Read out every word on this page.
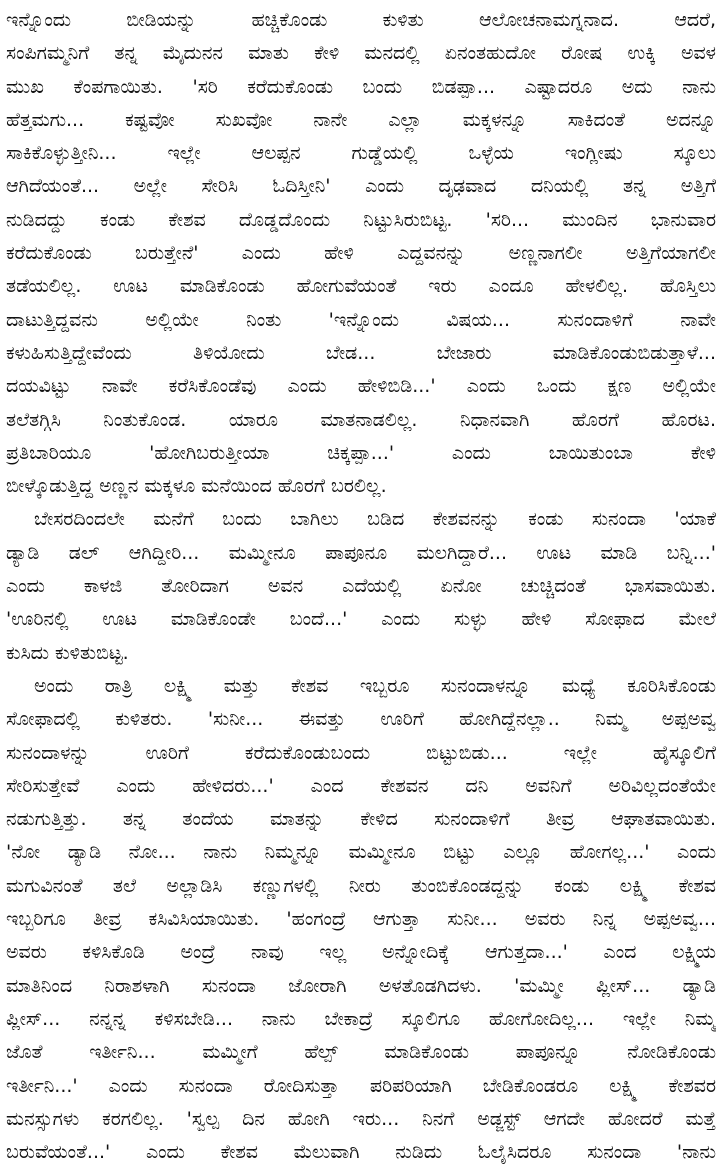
ಇನ್ನೊಂದು ಬೀಡಿಯನ್ನು ಹಚ್ಚಿಕೊಂಡು ಕುಳಿತು ಆಲೋಚನಾಮಗ್ನನಾದ. ಆದರೆ,
ಸಂಪಿಗಮ್ಮನಿಗೆ ತನ್ನ ಮೈದುನನ ಮಾತು ಕೇಳಿ ಮನದಲ್ಲಿ ಏನಂತಹುದೋ ರೋಷ ಉಕ್ಕಿ ಅವಳ
ಮುಖ ಕೆಂಪಗಾಯಿತು. 'ಸರಿ ಕರೆದುಕೊಂಡು ಬಂದು ಬಿಡಪ್ಪಾ... ಎಷ್ಟಾದರೂ ಅದು ನಾನು
ಹೆತ್ತಮಗು... ಕಷ್ಟವೋ ಸುಖವೋ ನಾನೇ ಎಲ್ಲಾ ಮಕ್ಕಳನ್ನೂ ಸಾಕಿದಂತೆ ಅದನ್ನೂ
ಸಾಕಿಕೊಳ್ಳುತ್ತೀನಿ... ಇಲ್ಲೇ ಆಲಪ್ಪನ ಗುಡ್ಡೆಯಲ್ಲಿ ಒಳ್ಳೆಯ ಇಂಗ್ಲೀಷು ಸ್ಕೂಲು
ಆಗಿದೆಯಂತೆ... ಅಲ್ಲೇ ಸೇರಿಸಿ ಓದಿಸ್ತೀನಿ' ಎಂದು ದೃಢವಾದ ದನಿಯಲ್ಲಿ ತನ್ನ ಅತ್ತಿಗೆ
ನುಡಿದದ್ದು ಕಂಡು ಕೇಶವ ದೊಡ್ಡದೊಂದು ನಿಟ್ಟುಸಿರುಬಿಟ್ಟ. 'ಸರಿ... ಮುಂದಿನ ಭಾನುವಾರ
ಕರೆದುಕೊಂಡು ಬರುತ್ತೇನೆ' ಎಂದು ಹೇಳಿ ಎದ್ದವನನ್ನು ಅಣ್ಣನಾಗಲೀ ಅತ್ತಿಗೆಯಾಗಲೀ
ತಡೆಯಲಿಲ್ಲ. ಊಟ ಮಾಡಿಕೊಂಡು ಹೋಗುವೆಯಂತೆ ಇರು ಎಂದೂ ಹೇಳಲಿಲ್ಲ. ಹೊಸ್ತಿಲು
ದಾಟುತ್ತಿದ್ದವನು ಅಲ್ಲಿಯೇ ನಿಂತು 'ಇನ್ನೊಂದು ವಿಷಯ... ಸುನಂದಾಳಿಗೆ ನಾವೇ
ಕಳುಹಿಸುತ್ತಿದ್ದೇವೆಂದು ತಿಳಿಯೋದು ಬೇಡ... ಬೇಜಾರು ಮಾಡಿಕೊಂಡುಬಿಡುತ್ತಾಳೆ...
ದಯವಿಟ್ಟು ನಾವೇ ಕರೆಸಿಕೊಂಡೆವು ಎಂದು ಹೇಳಿಬಿಡಿ...' ಎಂದು ಒಂದು ಕ್ಷಣ ಅಲ್ಲಿಯೇ
ತಲೆತಗ್ಗಿಸಿ ನಿಂತುಕೊಂಡ. ಯಾರೂ ಮಾತನಾಡಲಿಲ್ಲ. ನಿಧಾನವಾಗಿ ಹೊರಗೆ ಹೊರಟ.
ಪ್ರತಿಬಾರಿಯೂ 'ಹೋಗಿಬರುತ್ತೀಯಾ ಚಿಕ್ಕಪ್ಪಾ...' ಎಂದು ಬಾಯಿತುಂಬಾ ಕೇಳಿ
ಬೀಳ್ಕೊಡುತ್ತಿದ್ದ ಅಣ್ಣನ ಮಕ್ಕಳೂ ಮನೆಯಿಂದ ಹೊರಗೆ ಬರಲಿಲ್ಲ.
ಬೇಸರದಿಂದಲೇ ಮನೆಗೆ ಬಂದು ಬಾಗಿಲು ಬಡಿದ ಕೇಶವನನ್ನು ಕಂಡು ಸುನಂದಾ 'ಯಾಕೆ
ಡ್ಯಾಡಿ ಡಲ್ ಆಗಿದ್ದೀರಿ... ಮಮ್ಮೀನೂ ಪಾಪೂನೂ ಮಲಗಿದ್ದಾರೆ... ಊಟ ಮಾಡಿ ಬನ್ನಿ...'
ಎಂದು ಕಾಳಜಿ ತೋರಿದಾಗ ಅವನ ಎದೆಯಲ್ಲಿ ಏನೋ ಚುಚ್ಚಿದಂತೆ ಭಾಸವಾಯಿತು.
'ಊರಿನಲ್ಲಿ ಊಟ ಮಾಡಿಕೊಂಡೇ ಬಂದೆ...' ಎಂದು ಸುಳ್ಳು ಹೇಳಿ ಸೋಫಾದ ಮೇಲೆ
ಕುಸಿದು ಕುಳಿತುಬಿಟ್ಟ.
ಅಂದು ರಾತ್ರಿ ಲಕ್ಷ್ಮಿ ಮತ್ತು ಕೇಶವ ಇಬ್ಬರೂ ಸುನಂದಾಳನ್ನೂ ಮಧ್ಯೆ ಕೂರಿಸಿಕೊಂಡು
ಸೋಫಾದಲ್ಲಿ ಕುಳಿತರು. 'ಸುನೀ... ಈವತ್ತು ಊರಿಗೆ ಹೋಗಿದ್ದೆನಲ್ಲಾ.. ನಿಮ್ಮ ಅಪ್ಪಅವ್ವ
ಸುನಂದಾಳನ್ನು ಊರಿಗೆ ಕರೆದುಕೊಂಡುಬಂದು ಬಿಟ್ಟುಬಿಡು... ಇಲ್ಲೇ ಹೈಸ್ಕೂಲಿಗೆ
ಸೇರಿಸುತ್ತೇವೆ ಎಂದು ಹೇಳಿದರು...' ಎಂದ ಕೇಶವನ ದನಿ ಅವನಿಗೆ ಅರಿವಿಲ್ಲದಂತೆಯೇ
ನಡುಗುತ್ತಿತ್ತು. ತನ್ನ ತಂದೆಯ ಮಾತನ್ನು ಕೇಳಿದ ಸುನಂದಾಳಿಗೆ ತೀವ್ರ ಆಘಾತವಾಯಿತು.
'ನೋ ಡ್ಯಾಡಿ ನೋ... ನಾನು ನಿಮ್ಮನ್ನೂ ಮಮ್ಮೀನೂ ಬಿಟ್ಟು ಎಲ್ಲೂ ಹೋಗಲ್ಲ...' ಎಂದು
ಮಗುವಿನಂತೆ ತಲೆ ಅಲ್ಲಾಡಿಸಿ ಕಣ್ಣುಗಳಲ್ಲಿ ನೀರು ತುಂಬಿಕೊಂಡದ್ದನ್ನು ಕಂಡು ಲಕ್ಷ್ಮಿ ಕೇಶವ
ಇಬ್ಬರಿಗೂ ತೀವ್ರ ಕಸಿವಿಸಿಯಾಯಿತು. 'ಹಂಗಂದ್ರೆ ಆಗುತ್ತಾ ಸುನೀ... ಅವರು ನಿನ್ನ ಅಪ್ಪಅವ್ವ...
ಅವರು ಕಳಿಸಿಕೊಡಿ ಅಂದ್ರೆ ನಾವು ಇಲ್ಲ ಅನ್ನೋದಿಕ್ಕೆ ಆಗುತ್ತದಾ...' ಎಂದ ಲಕ್ಷ್ಮಿಯ
ಮಾತಿನಿಂದ ನಿರಾಶಳಾಗಿ ಸುನಂದಾ ಜೋರಾಗಿ ಅಳತೊಡಗಿದಳು. 'ಮಮ್ಮೀ ಪ್ಲೀಸ್... ಡ್ಯಾಡಿ
ಪ್ಲೀಸ್... ನನ್ನನ್ನ ಕಳಿಸಬೇಡಿ... ನಾನು ಬೇಕಾದ್ರೆ ಸ್ಕೂಲಿಗೂ ಹೋಗೋದಿಲ್ಲ... ಇಲ್ಲೇ ನಿಮ್ಮ
ಜೊತೆ ಇರ್ತೀನಿ... ಮಮ್ಮೀಗೆ ಹೆಲ್ಪ್ ಮಾಡಿಕೊಂಡು ಪಾಪೂನ್ನೂ ನೋಡಿಕೊಂಡು
ಇರ್ತೀನಿ...' ಎಂದು ಸುನಂದಾ ರೋದಿಸುತ್ತಾ ಪರಿಪರಿಯಾಗಿ ಬೇಡಿಕೊಂಡರೂ ಲಕ್ಷ್ಮಿ ಕೇಶವರ
ಮನಸ್ಸುಗಳು ಕರಗಲಿಲ್ಲ. 'ಸ್ವಲ್ಪ ದಿನ ಹೋಗಿ ಇರು... ನಿನಗೆ ಅಡ್ಜಸ್ಟ್ ಆಗದೇ ಹೋದರೆ ಮತ್ತೆ
ಬರುವೆಯಂತೆ...' ಎಂದು ಕೇಶವ ಮೆಲುವಾಗಿ ನುಡಿದು ಓಲೈಸಿದರೂ ಸುನಂದಾ 'ನಾನು
